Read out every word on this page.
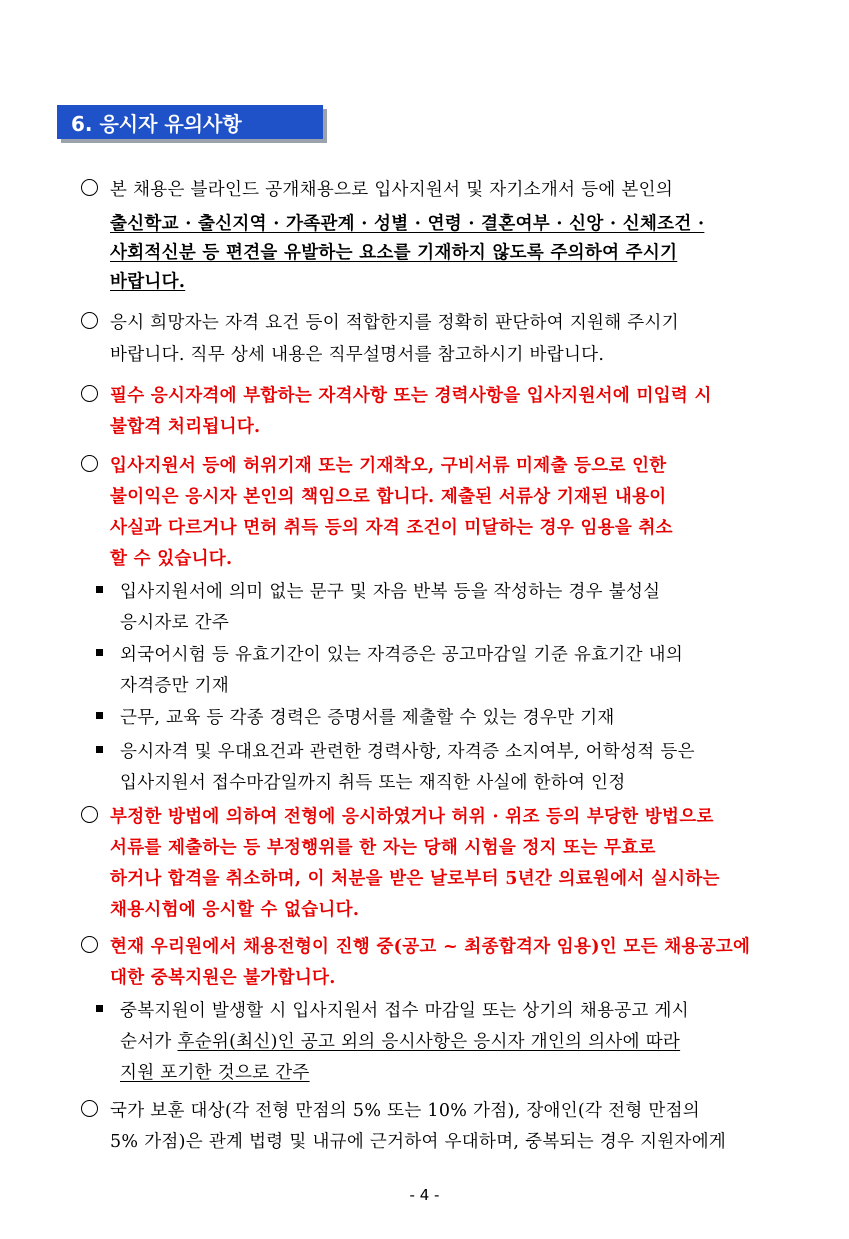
6. 응시자 유의사항
본 채용은 블라인드 공개채용으로 입사지원서 및 자기소개서 등에 본인의
출신학교 · 출신지역 · 가족관계 · 성별 · 연령 · 결혼여부 · 신앙 · 신체조건 ·
사회적신분 등 편견을 유발하는 요소를 기재하지 않도록 주의하여 주시기
바랍니다.
응시 희망자는 자격 요건 등이 적합한지를 정확히 판단하여 지원해 주시기
바랍니다. 직무 상세 내용은 직무설명서를 참고하시기 바랍니다.
필수 응시자격에 부합하는 자격사항 또는 경력사항을 입사지원서에 미입력 시
불합격 처리됩니다.
입사지원서 등에 허위기재 또는 기재착오, 구비서류 미제출 등으로 인한
불이익은 응시자 본인의 책임으로 합니다. 제출된 서류상 기재된 내용이
사실과 다르거나 면허 취득 등의 자격 조건이 미달하는 경우 임용을 취소
할 수 있습니다.
입사지원서에 의미 없는 문구 및 자음 반복 등을 작성하는 경우 불성실
응시자로 간주
외국어시험 등 유효기간이 있는 자격증은 공고마감일 기준 유효기간 내의
자격증만 기재
근무, 교육 등 각종 경력은 증명서를 제출할 수 있는 경우만 기재
응시자격 및 우대요건과 관련한 경력사항, 자격증 소지여부, 어학성적 등은
입사지원서 접수마감일까지 취득 또는 재직한 사실에 한하여 인정
부정한 방법에 의하여 전형에 응시하였거나 허위 · 위조 등의 부당한 방법으로
서류를 제출하는 등 부정행위를 한 자는 당해 시험을 정지 또는 무효로
하거나 합격을 취소하며, 이 처분을 받은 날로부터 5년간 의료원에서 실시하는
채용시험에 응시할 수 없습니다.
현재 우리원에서 채용전형이 진행 중(공고 ~ 최종합격자 임용)인 모든 채용공고에
대한 중복지원은 불가합니다.
중복지원이 발생할 시 입사지원서 접수 마감일 또는 상기의 채용공고 게시
순서가 후순위(최신)인 공고 외의 응시사항은 응시자 개인의 의사에 따라
지원 포기한 것으로 간주
국가 보훈 대상(각 전형 만점의 5% 또는 10% 가점), 장애인(각 전형 만점의
5% 가점)은 관계 법령 및 내규에 근거하여 우대하며, 중복되는 경우 지원자에게
- 4 -
